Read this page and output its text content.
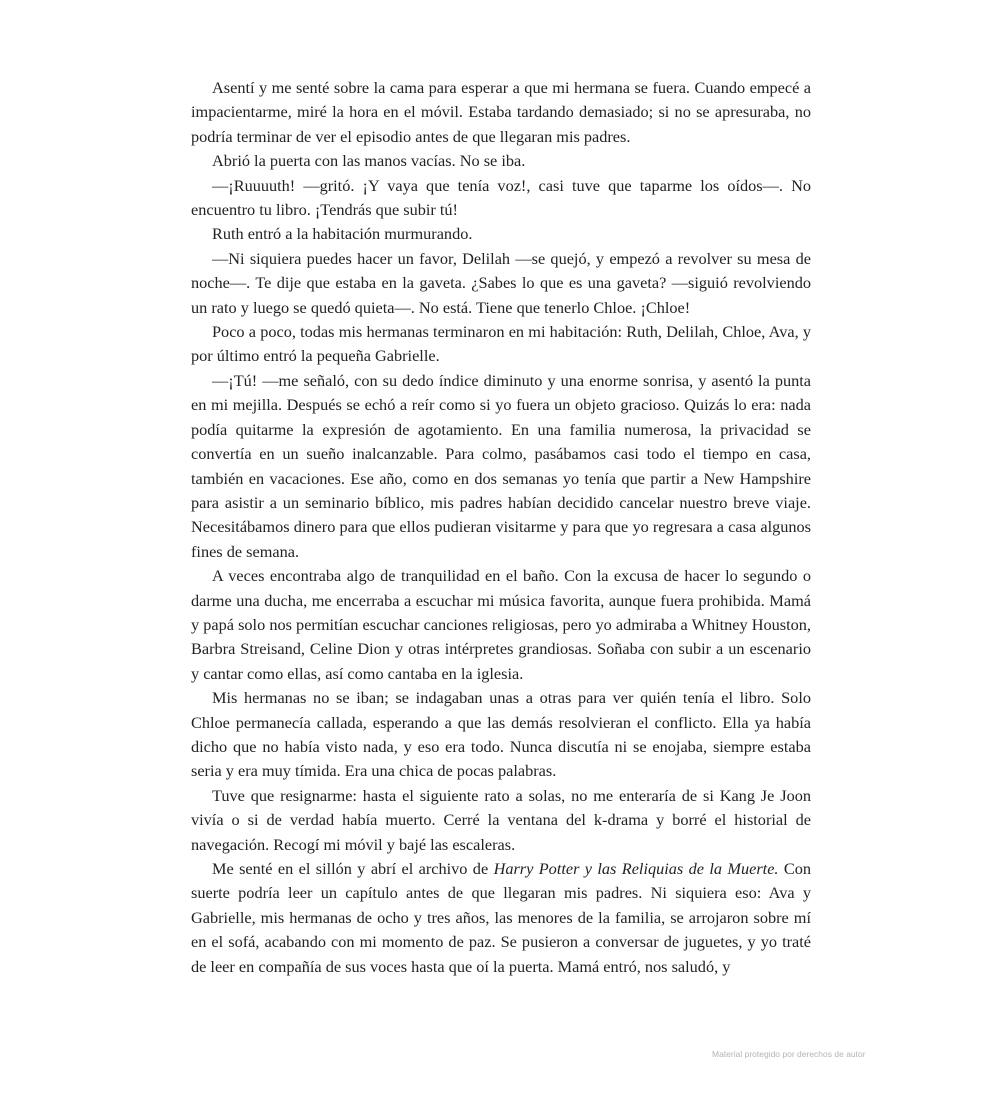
Asentí y me senté sobre la cama para esperar a que mi hermana se fuera. Cuando empecé a impacientarme, miré la hora en el móvil. Estaba tardando demasiado; si no se apresuraba, no podría terminar de ver el episodio antes de que llegaran mis padres.

Abrió la puerta con las manos vacías. No se iba.

—¡Ruuuuth! —gritó. ¡Y vaya que tenía voz!, casi tuve que taparme los oídos—. No encuentro tu libro. ¡Tendrás que subir tú!

Ruth entró a la habitación murmurando.

—Ni siquiera puedes hacer un favor, Delilah —se quejó, y empezó a revolver su mesa de noche—. Te dije que estaba en la gaveta. ¿Sabes lo que es una gaveta? —siguió revolviendo un rato y luego se quedó quieta—. No está. Tiene que tenerlo Chloe. ¡Chloe!

Poco a poco, todas mis hermanas terminaron en mi habitación: Ruth, Delilah, Chloe, Ava, y por último entró la pequeña Gabrielle.

—¡Tú! —me señaló, con su dedo índice diminuto y una enorme sonrisa, y asentó la punta en mi mejilla. Después se echó a reír como si yo fuera un objeto gracioso. Quizás lo era: nada podía quitarme la expresión de agotamiento. En una familia numerosa, la privacidad se convertía en un sueño inalcanzable. Para colmo, pasábamos casi todo el tiempo en casa, también en vacaciones. Ese año, como en dos semanas yo tenía que partir a New Hampshire para asistir a un seminario bíblico, mis padres habían decidido cancelar nuestro breve viaje. Necesitábamos dinero para que ellos pudieran visitarme y para que yo regresara a casa algunos fines de semana.

A veces encontraba algo de tranquilidad en el baño. Con la excusa de hacer lo segundo o darme una ducha, me encerraba a escuchar mi música favorita, aunque fuera prohibida. Mamá y papá solo nos permitían escuchar canciones religiosas, pero yo admiraba a Whitney Houston, Barbra Streisand, Celine Dion y otras intérpretes grandiosas. Soñaba con subir a un escenario y cantar como ellas, así como cantaba en la iglesia.

Mis hermanas no se iban; se indagaban unas a otras para ver quién tenía el libro. Solo Chloe permanecía callada, esperando a que las demás resolvieran el conflicto. Ella ya había dicho que no había visto nada, y eso era todo. Nunca discutía ni se enojaba, siempre estaba seria y era muy tímida. Era una chica de pocas palabras.

Tuve que resignarme: hasta el siguiente rato a solas, no me enteraría de si Kang Je Joon vivía o si de verdad había muerto. Cerré la ventana del k-drama y borré el historial de navegación. Recogí mi móvil y bajé las escaleras.

Me senté en el sillón y abrí el archivo de Harry Potter y las Reliquias de la Muerte. Con suerte podría leer un capítulo antes de que llegaran mis padres. Ni siquiera eso: Ava y Gabrielle, mis hermanas de ocho y tres años, las menores de la familia, se arrojaron sobre mí en el sofá, acabando con mi momento de paz. Se pusieron a conversar de juguetes, y yo traté de leer en compañía de sus voces hasta que oí la puerta. Mamá entró, nos saludó, y

Material protegido por derechos de autor
